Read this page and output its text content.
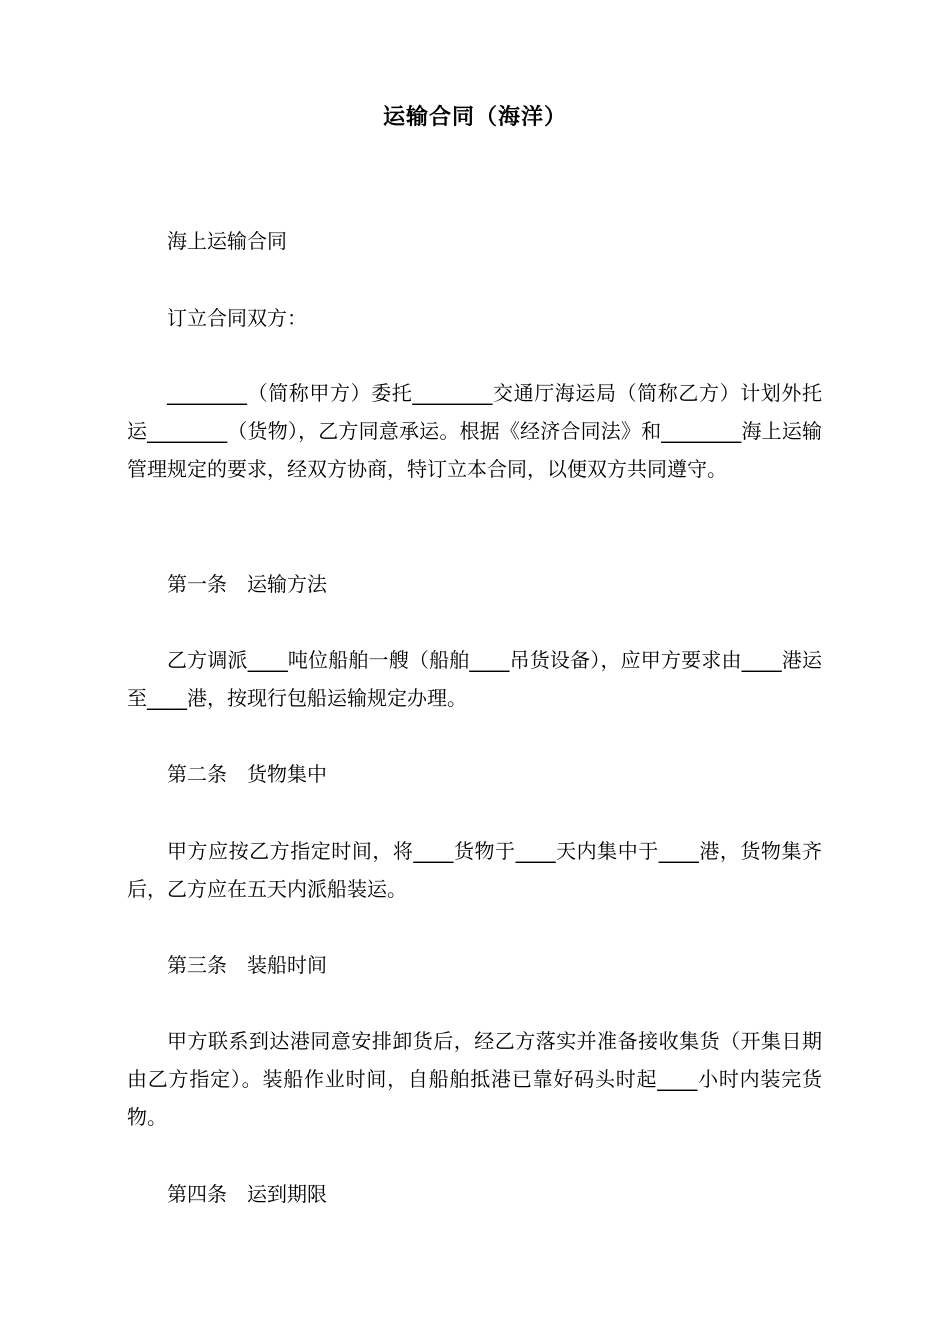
运输合同（海洋）

海上运输合同

订立合同双方：

________（简称甲方）委托________交通厅海运局（简称乙方）计划外托运________（货物），乙方同意承运。根据《经济合同法》和________海上运输管理规定的要求，经双方协商，特订立本合同，以便双方共同遵守。

第一条　运输方法

乙方调派____吨位船舶一艘（船舶____吊货设备），应甲方要求由____港运至____港，按现行包船运输规定办理。

第二条　货物集中

甲方应按乙方指定时间，将____货物于____天内集中于____港，货物集齐后，乙方应在五天内派船装运。

第三条　装船时间

甲方联系到达港同意安排卸货后，经乙方落实并准备接收集货（开集日期由乙方指定）。装船作业时间，自船舶抵港已靠好码头时起____小时内装完货物。

第四条　运到期限
